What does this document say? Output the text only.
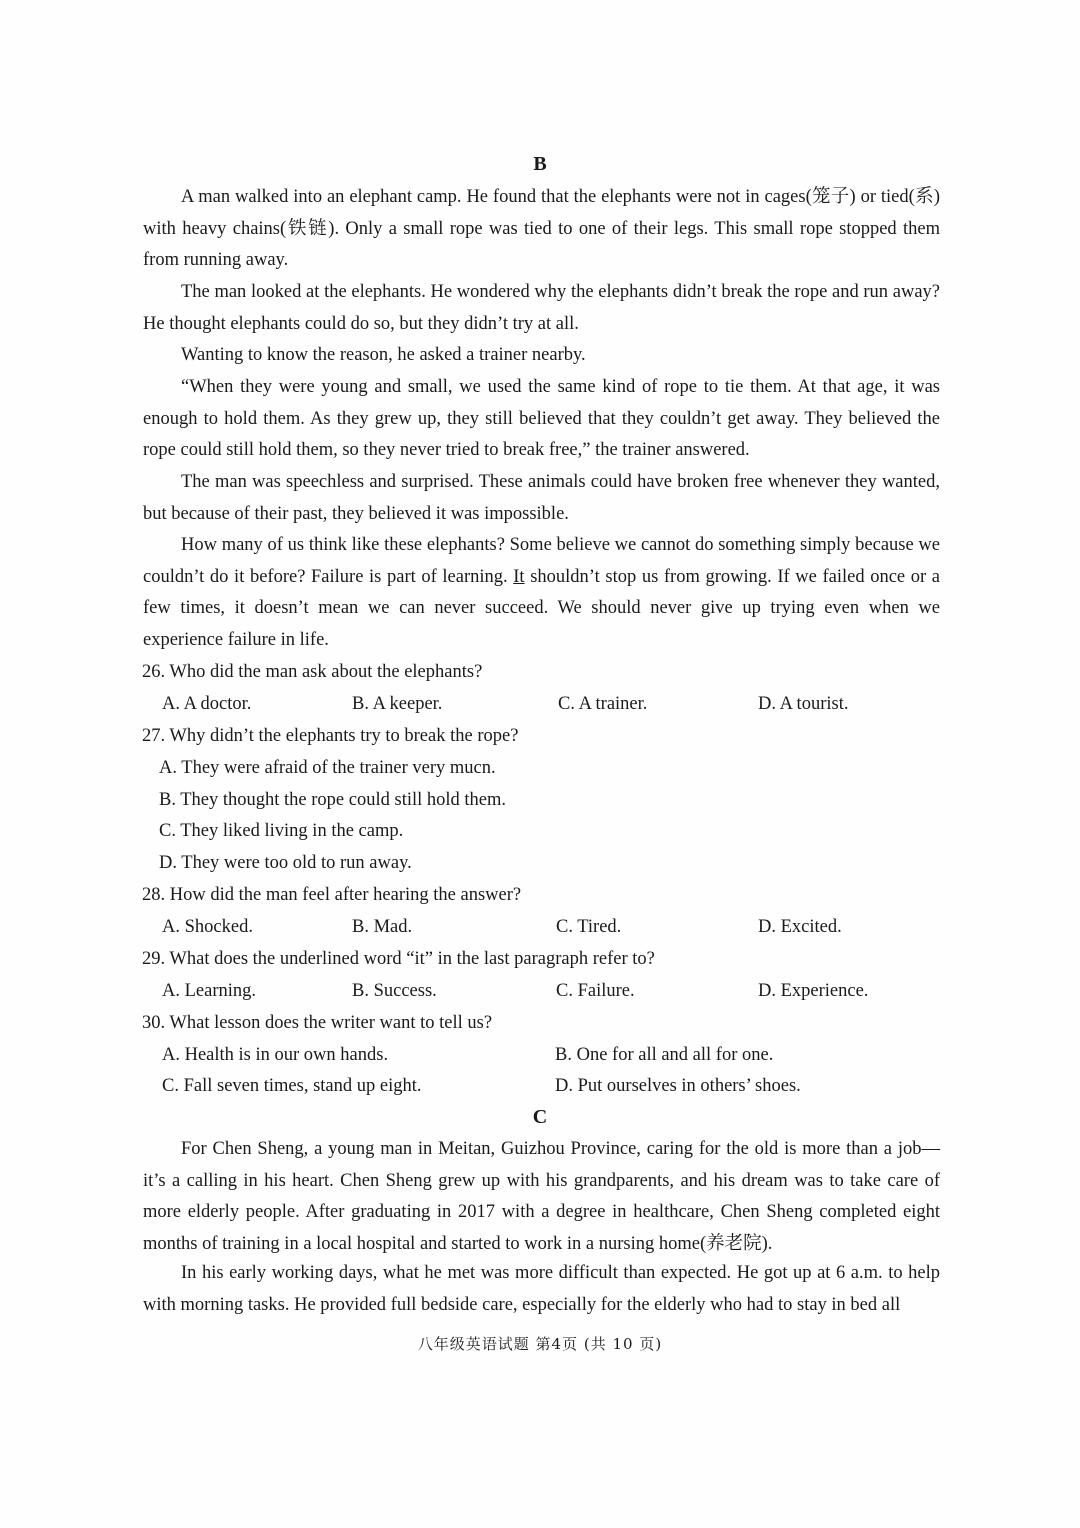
B
A man walked into an elephant camp. He found that the elephants were not in cages(笼子) or tied(系) with heavy chains(铁链). Only a small rope was tied to one of their legs. This small rope stopped them from running away.
The man looked at the elephants. He wondered why the elephants didn’t break the rope and run away? He thought elephants could do so, but they didn’t try at all.
Wanting to know the reason, he asked a trainer nearby.
“When they were young and small, we used the same kind of rope to tie them. At that age, it was enough to hold them. As they grew up, they still believed that they couldn’t get away. They believed the rope could still hold them, so they never tried to break free,” the trainer answered.
The man was speechless and surprised. These animals could have broken free whenever they wanted, but because of their past, they believed it was impossible.
How many of us think like these elephants? Some believe we cannot do something simply because we couldn’t do it before? Failure is part of learning. It shouldn’t stop us from growing. If we failed once or a few times, it doesn’t mean we can never succeed. We should never give up trying even when we experience failure in life.
26. Who did the man ask about the elephants?
A. A doctor.	B. A keeper.	C. A trainer.	D. A tourist.
27. Why didn’t the elephants try to break the rope?
A. They were afraid of the trainer very mucn.
B. They thought the rope could still hold them.
C. They liked living in the camp.
D. They were too old to run away.
28. How did the man feel after hearing the answer?
A. Shocked.	B. Mad.	C. Tired.	D. Excited.
29. What does the underlined word “it” in the last paragraph refer to?
A. Learning.	B. Success.	C. Failure.	D. Experience.
30. What lesson does the writer want to tell us?
A. Health is in our own hands.	B. One for all and all for one.
C. Fall seven times, stand up eight.	D. Put ourselves in others’ shoes.
C
For Chen Sheng, a young man in Meitan, Guizhou Province, caring for the old is more than a job—it’s a calling in his heart. Chen Sheng grew up with his grandparents, and his dream was to take care of more elderly people. After graduating in 2017 with a degree in healthcare, Chen Sheng completed eight months of training in a local hospital and started to work in a nursing home(养老院).
In his early working days, what he met was more difficult than expected. He got up at 6 a.m. to help with morning tasks. He provided full bedside care, especially for the elderly who had to stay in bed all
八年级英语试题 第4页 (共 10 页)
